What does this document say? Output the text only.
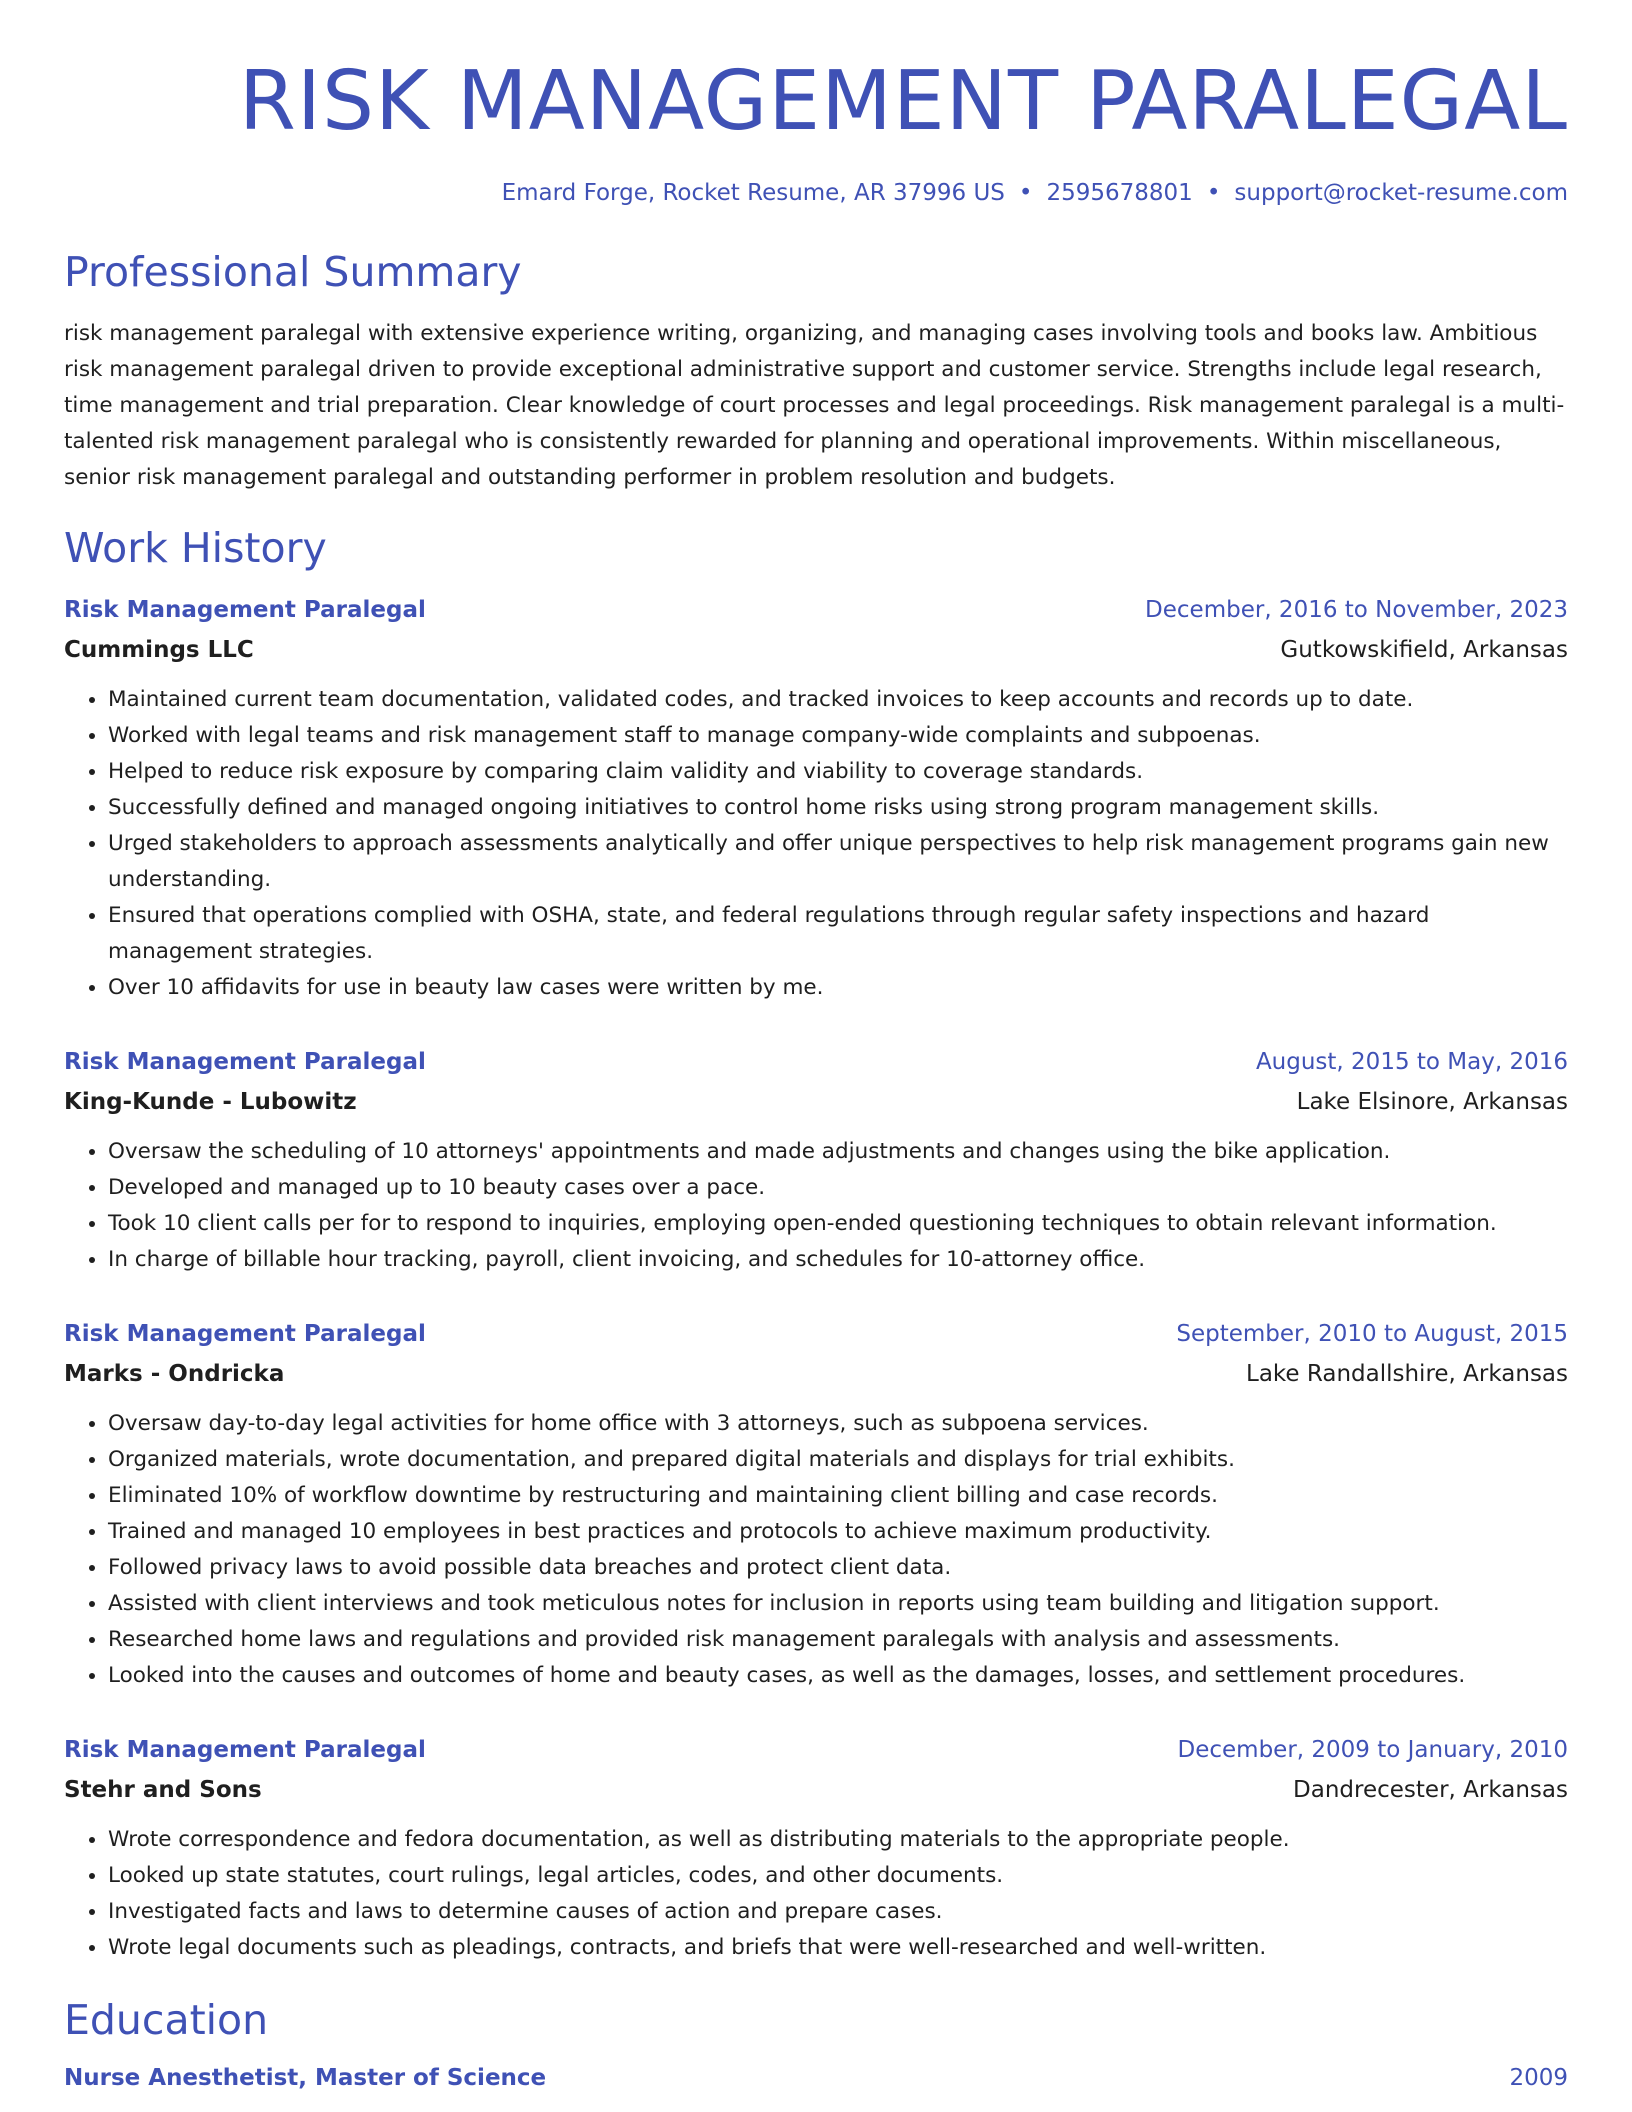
RISK MANAGEMENT PARALEGAL
Emard Forge, Rocket Resume, AR 37996 US • 2595678801 • support@rocket-resume.com
Professional Summary
risk management paralegal with extensive experience writing, organizing, and managing cases involving tools and books law. Ambitious risk management paralegal driven to provide exceptional administrative support and customer service. Strengths include legal research, time management and trial preparation. Clear knowledge of court processes and legal proceedings. Risk management paralegal is a multi-talented risk management paralegal who is consistently rewarded for planning and operational improvements. Within miscellaneous, senior risk management paralegal and outstanding performer in problem resolution and budgets.
Work History
Risk Management Paralegal	December, 2016 to November, 2023
Cummings LLC	Gutkowskifield, Arkansas
• Maintained current team documentation, validated codes, and tracked invoices to keep accounts and records up to date.
• Worked with legal teams and risk management staff to manage company-wide complaints and subpoenas.
• Helped to reduce risk exposure by comparing claim validity and viability to coverage standards.
• Successfully defined and managed ongoing initiatives to control home risks using strong program management skills.
• Urged stakeholders to approach assessments analytically and offer unique perspectives to help risk management programs gain new understanding.
• Ensured that operations complied with OSHA, state, and federal regulations through regular safety inspections and hazard management strategies.
• Over 10 affidavits for use in beauty law cases were written by me.
Risk Management Paralegal	August, 2015 to May, 2016
King-Kunde - Lubowitz	Lake Elsinore, Arkansas
• Oversaw the scheduling of 10 attorneys' appointments and made adjustments and changes using the bike application.
• Developed and managed up to 10 beauty cases over a pace.
• Took 10 client calls per for to respond to inquiries, employing open-ended questioning techniques to obtain relevant information.
• In charge of billable hour tracking, payroll, client invoicing, and schedules for 10-attorney office.
Risk Management Paralegal	September, 2010 to August, 2015
Marks - Ondricka	Lake Randallshire, Arkansas
• Oversaw day-to-day legal activities for home office with 3 attorneys, such as subpoena services.
• Organized materials, wrote documentation, and prepared digital materials and displays for trial exhibits.
• Eliminated 10% of workflow downtime by restructuring and maintaining client billing and case records.
• Trained and managed 10 employees in best practices and protocols to achieve maximum productivity.
• Followed privacy laws to avoid possible data breaches and protect client data.
• Assisted with client interviews and took meticulous notes for inclusion in reports using team building and litigation support.
• Researched home laws and regulations and provided risk management paralegals with analysis and assessments.
• Looked into the causes and outcomes of home and beauty cases, as well as the damages, losses, and settlement procedures.
Risk Management Paralegal	December, 2009 to January, 2010
Stehr and Sons	Dandrecester, Arkansas
• Wrote correspondence and fedora documentation, as well as distributing materials to the appropriate people.
• Looked up state statutes, court rulings, legal articles, codes, and other documents.
• Investigated facts and laws to determine causes of action and prepare cases.
• Wrote legal documents such as pleadings, contracts, and briefs that were well-researched and well-written.
Education
Nurse Anesthetist, Master of Science	2009
